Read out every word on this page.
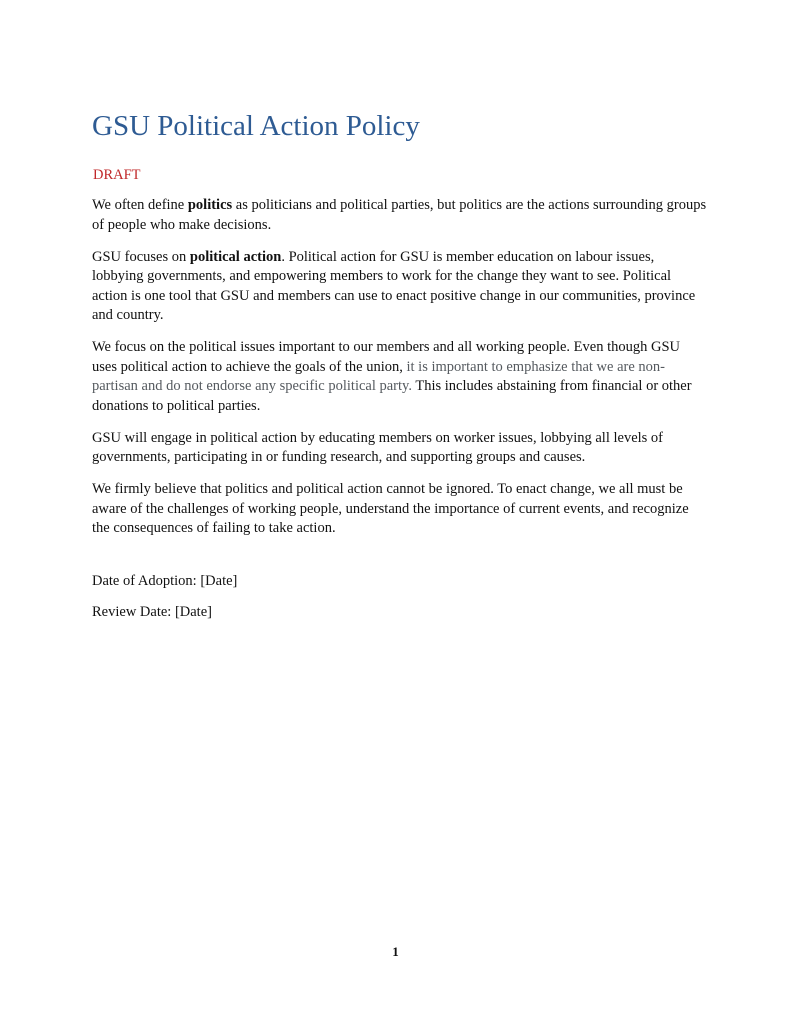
GSU Political Action Policy
DRAFT

We often define politics as politicians and political parties, but politics are the actions surrounding groups of people who make decisions.

GSU focuses on political action. Political action for GSU is member education on labour issues, lobbying governments, and empowering members to work for the change they want to see. Political action is one tool that GSU and members can use to enact positive change in our communities, province and country.

We focus on the political issues important to our members and all working people. Even though GSU uses political action to achieve the goals of the union, it is important to emphasize that we are non-partisan and do not endorse any specific political party. This includes abstaining from financial or other donations to political parties.

GSU will engage in political action by educating members on worker issues, lobbying all levels of governments, participating in or funding research, and supporting groups and causes.

We firmly believe that politics and political action cannot be ignored. To enact change, we all must be aware of the challenges of working people, understand the importance of current events, and recognize the consequences of failing to take action.

Date of Adoption: [Date]

Review Date: [Date]

1
